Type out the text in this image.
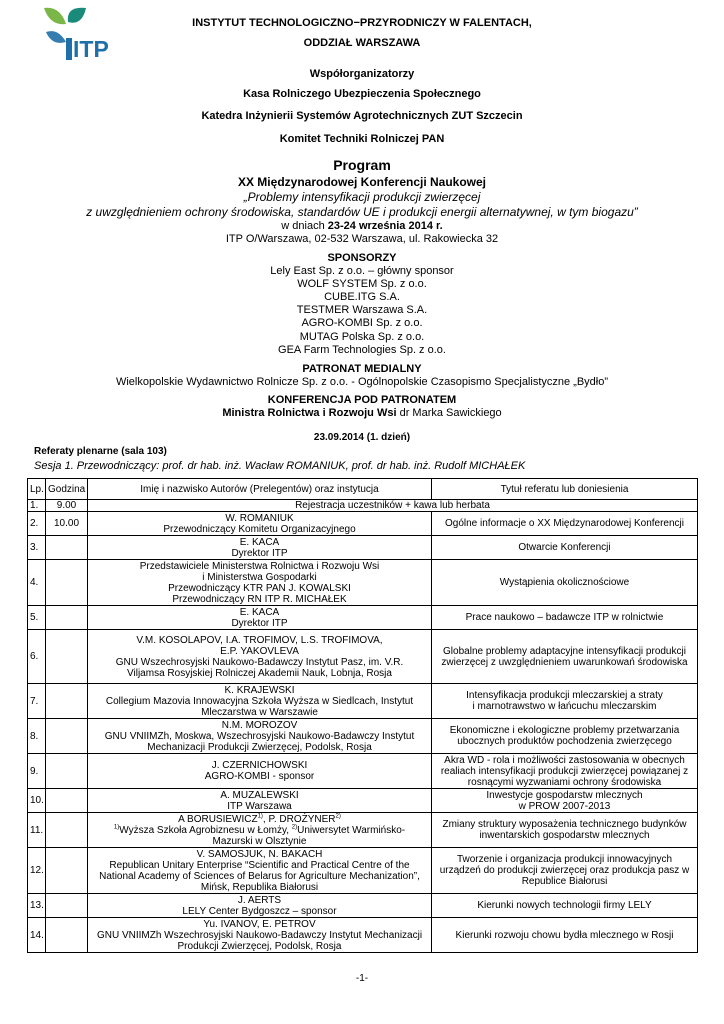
ITP
INSTYTUT TECHNOLOGICZNO−PRZYRODNICZY W FALENTACH,
ODDZIAŁ WARSZAWA
Współorganizatorzy
Kasa Rolniczego Ubezpieczenia Społecznego
Katedra Inżynierii Systemów Agrotechnicznych ZUT Szczecin
Komitet Techniki Rolniczej PAN
Program
XX Międzynarodowej Konferencji Naukowej
„Problemy intensyfikacji produkcji zwierzęcej
z uwzględnieniem ochrony środowiska, standardów UE i produkcji energii alternatywnej, w tym biogazu”
w dniach 23-24 września 2014 r.
ITP O/Warszawa, 02-532 Warszawa, ul. Rakowiecka 32
SPONSORZY
Lely East Sp. z o.o. – główny sponsor
WOLF SYSTEM Sp. z o.o.
CUBE.ITG S.A.
TESTMER Warszawa S.A.
AGRO-KOMBI Sp. z o.o.
MUTAG Polska Sp. z o.o.
GEA Farm Technologies Sp. z o.o.
PATRONAT MEDIALNY
Wielkopolskie Wydawnictwo Rolnicze Sp. z o.o. - Ogólnopolskie Czasopismo Specjalistyczne „Bydło”
KONFERENCJA POD PATRONATEM
Ministra Rolnictwa i Rozwoju Wsi dr Marka Sawickiego
23.09.2014 (1. dzień)
Referaty plenarne (sala 103)
Sesja 1. Przewodniczący: prof. dr hab. inż. Wacław ROMANIUK, prof. dr hab. inż. Rudolf MICHAŁEK
Lp.	Godzina	Imię i nazwisko Autorów (Prelegentów) oraz instytucja	Tytuł referatu lub doniesienia
1.	9.00	Rejestracja uczestników + kawa lub herbata	
2.	10.00	W. ROMANIUK
Przewodniczący Komitetu Organizacyjnego	Ogólne informacje o XX Międzynarodowej Konferencji
3.		E. KACA
Dyrektor ITP	Otwarcie Konferencji
4.		Przedstawiciele Ministerstwa Rolnictwa i Rozwoju Wsi
i Ministerstwa Gospodarki
Przewodniczący KTR PAN J. KOWALSKI
Przewodniczący RN ITP R. MICHAŁEK	Wystąpienia okolicznościowe
5.		E. KACA
Dyrektor ITP	Prace naukowo – badawcze ITP w rolnictwie
6.		V.M. KOSOLAPOV, I.A. TROFIMOV, L.S. TROFIMOVA,
E.P. YAKOVLEVA
GNU Wszechrosyjski Naukowo-Badawczy Instytut Pasz, im. V.R.
Viljamsa Rosyjskiej Rolniczej Akademii Nauk, Lobnja, Rosja	Globalne problemy adaptacyjne intensyfikacji produkcji
zwierzęcej z uwzględnieniem uwarunkowań środowiska
7.		K. KRAJEWSKI
Collegium Mazovia Innowacyjna Szkoła Wyższa w Siedlcach, Instytut
Mleczarstwa w Warszawie	Intensyfikacja produkcji mleczarskiej a straty
i marnotrawstwo w łańcuchu mleczarskim
8.		N.M. MOROZOV
GNU VNIIMZh, Moskwa, Wszechrosyjski Naukowo-Badawczy Instytut
Mechanizacji Produkcji Zwierzęcej, Podolsk, Rosja	Ekonomiczne i ekologiczne problemy przetwarzania
ubocznych produktów pochodzenia zwierzęcego
9.		J. CZERNICHOWSKI
AGRO-KOMBI - sponsor	Akra WD - rola i możliwości zastosowania w obecnych
realiach intensyfikacji produkcji zwierzęcej powiązanej z
rosnącymi wyzwaniami ochrony środowiska
10.		A. MUZALEWSKI
ITP Warszawa	Inwestycje gospodarstw mlecznych
w PROW 2007-2013
11.		A BORUSIEWICZ$^{1)}$, P. DROŻYNER$^{2)}$
$^{1)}$Wyższa Szkoła Agrobiznesu w Łomży, $^{2)}$Uniwersytet Warmińsko-
Mazurski w Olsztynie	Zmiany struktury wyposażenia technicznego budynków
inwentarskich gospodarstw mlecznych
12.		V. SAMOSJUK, N. BAKACH
Republican Unitary Enterprise “Scientific and Practical Centre of the
National Academy of Sciences of Belarus for Agriculture Mechanization”,
Mińsk, Republika Białorusi	Tworzenie i organizacja produkcji innowacyjnych
urządzeń do produkcji zwierzęcej oraz produkcja pasz w
Republice Białorusi
13.		J. AERTS
LELY Center Bydgoszcz – sponsor	Kierunki nowych technologii firmy LELY
14.		Yu. IVANOV, E. PETROV
GNU VNIIMZh Wszechrosyjski Naukowo-Badawczy Instytut Mechanizacji
Produkcji Zwierzęcej, Podolsk, Rosja	Kierunki rozwoju chowu bydła mlecznego w Rosji
-1-
